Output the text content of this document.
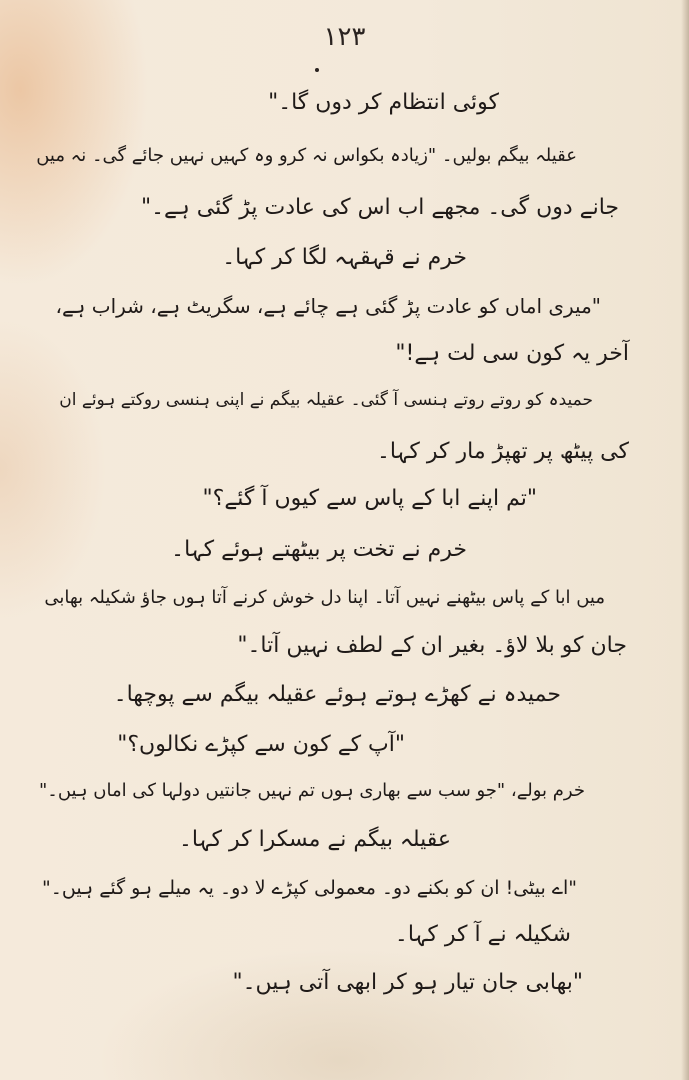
۱۲۳
کوئی انتظام کر دوں گا۔"
عقیلہ بیگم بولیں۔ "زیادہ بکواس نہ کرو وہ کہیں نہیں جائے گی۔ نہ میں
جانے دوں گی۔ مجھے اب اس کی عادت پڑ گئی ہے۔"
خرم نے قہقہہ لگا کر کہا۔
"میری اماں کو عادت پڑ گئی ہے چائے ہے، سگریٹ ہے، شراب ہے،
آخر یہ کون سی لت ہے!"
حمیدہ کو روتے روتے ہنسی آ گئی۔ عقیلہ بیگم نے اپنی ہنسی روکتے ہوئے ان
کی پیٹھ پر تھپڑ مار کر کہا۔
"تم اپنے ابا کے پاس سے کیوں آ گئے؟"
خرم نے تخت پر بیٹھتے ہوئے کہا۔
میں ابا کے پاس بیٹھنے نہیں آتا۔ اپنا دل خوش کرنے آتا ہوں جاؤ شکیلہ بھابی
جان کو بلا لاؤ۔ بغیر ان کے لطف نہیں آتا۔"
حمیدہ نے کھڑے ہوتے ہوئے عقیلہ بیگم سے پوچھا۔
"آپ کے کون سے کپڑے نکالوں؟"
خرم بولے، "جو سب سے بھاری ہوں تم نہیں جانتیں دولہا کی اماں ہیں۔"
عقیلہ بیگم نے مسکرا کر کہا۔
"اے بیٹی! ان کو بکنے دو۔ معمولی کپڑے لا دو۔ یہ میلے ہو گئے ہیں۔"
شکیلہ نے آ کر کہا۔
"بھابی جان تیار ہو کر ابھی آتی ہیں۔"
